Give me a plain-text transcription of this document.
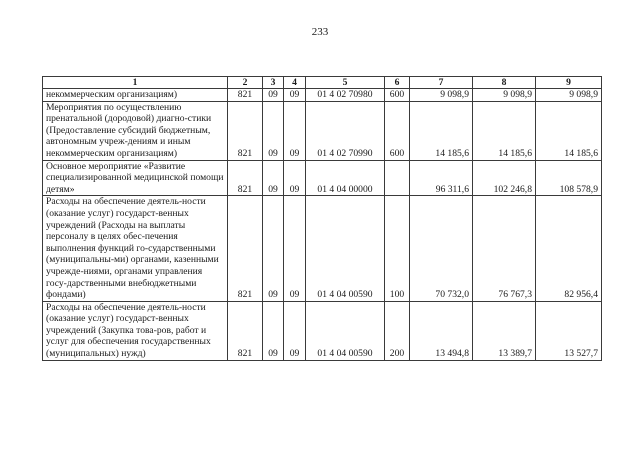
233
1	2	3	4	5	6	7	8	9

некоммерческим организациям)	821	09	09	01 4 02 70980	600	9 098,9	9 098,9	9 098,9

Мероприятия по осуществлению пренатальной (дородовой) диагно-стики (Предоставление субсидий бюджетным, автономным учреж-дениям и иным некоммерческим организациям)	821	09	09	01 4 02 70990	600	14 185,6	14 185,6	14 185,6

Основное мероприятие «Развитие специализированной медицинской помощи детям»	821	09	09	01 4 04 00000		96 311,6	102 246,8	108 578,9

Расходы на обеспечение деятель-ности (оказание услуг) государст-венных учреждений (Расходы на выплаты персоналу в целях обес-печения выполнения функций го-сударственными (муниципальны-ми) органами, казенными учрежде-ниями, органами управления госу-дарственными внебюджетными фондами)	821	09	09	01 4 04 00590	100	70 732,0	76 767,3	82 956,4

Расходы на обеспечение деятель-ности (оказание услуг) государст-венных учреждений (Закупка това-ров, работ и услуг для обеспечения государственных (муниципальных) нужд)	821	09	09	01 4 04 00590	200	13 494,8	13 389,7	13 527,7
